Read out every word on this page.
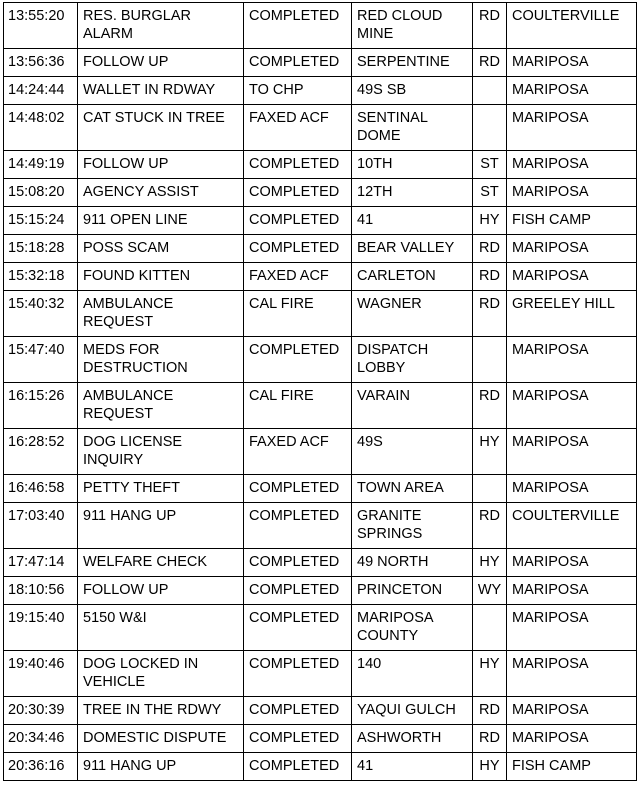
13:55:20	RES. BURGLAR
ALARM	COMPLETED	RED CLOUD
MINE	RD	COULTERVILLE
13:56:36	FOLLOW UP	COMPLETED	SERPENTINE	RD	MARIPOSA
14:24:44	WALLET IN RDWAY	TO CHP	49S SB		MARIPOSA
14:48:02	CAT STUCK IN TREE	FAXED ACF	SENTINAL
DOME		MARIPOSA
14:49:19	FOLLOW UP	COMPLETED	10TH	ST	MARIPOSA
15:08:20	AGENCY ASSIST	COMPLETED	12TH	ST	MARIPOSA
15:15:24	911 OPEN LINE	COMPLETED	41	HY	FISH CAMP
15:18:28	POSS SCAM	COMPLETED	BEAR VALLEY	RD	MARIPOSA
15:32:18	FOUND KITTEN	FAXED ACF	CARLETON	RD	MARIPOSA
15:40:32	AMBULANCE
REQUEST	CAL FIRE	WAGNER	RD	GREELEY HILL
15:47:40	MEDS FOR
DESTRUCTION	COMPLETED	DISPATCH
LOBBY		MARIPOSA
16:15:26	AMBULANCE
REQUEST	CAL FIRE	VARAIN	RD	MARIPOSA
16:28:52	DOG LICENSE
INQUIRY	FAXED ACF	49S	HY	MARIPOSA
16:46:58	PETTY THEFT	COMPLETED	TOWN AREA		MARIPOSA
17:03:40	911 HANG UP	COMPLETED	GRANITE
SPRINGS	RD	COULTERVILLE
17:47:14	WELFARE CHECK	COMPLETED	49 NORTH	HY	MARIPOSA
18:10:56	FOLLOW UP	COMPLETED	PRINCETON	WY	MARIPOSA
19:15:40	5150 W&I	COMPLETED	MARIPOSA
COUNTY		MARIPOSA
19:40:46	DOG LOCKED IN
VEHICLE	COMPLETED	140	HY	MARIPOSA
20:30:39	TREE IN THE RDWY	COMPLETED	YAQUI GULCH	RD	MARIPOSA
20:34:46	DOMESTIC DISPUTE	COMPLETED	ASHWORTH	RD	MARIPOSA
20:36:16	911 HANG UP	COMPLETED	41	HY	FISH CAMP
